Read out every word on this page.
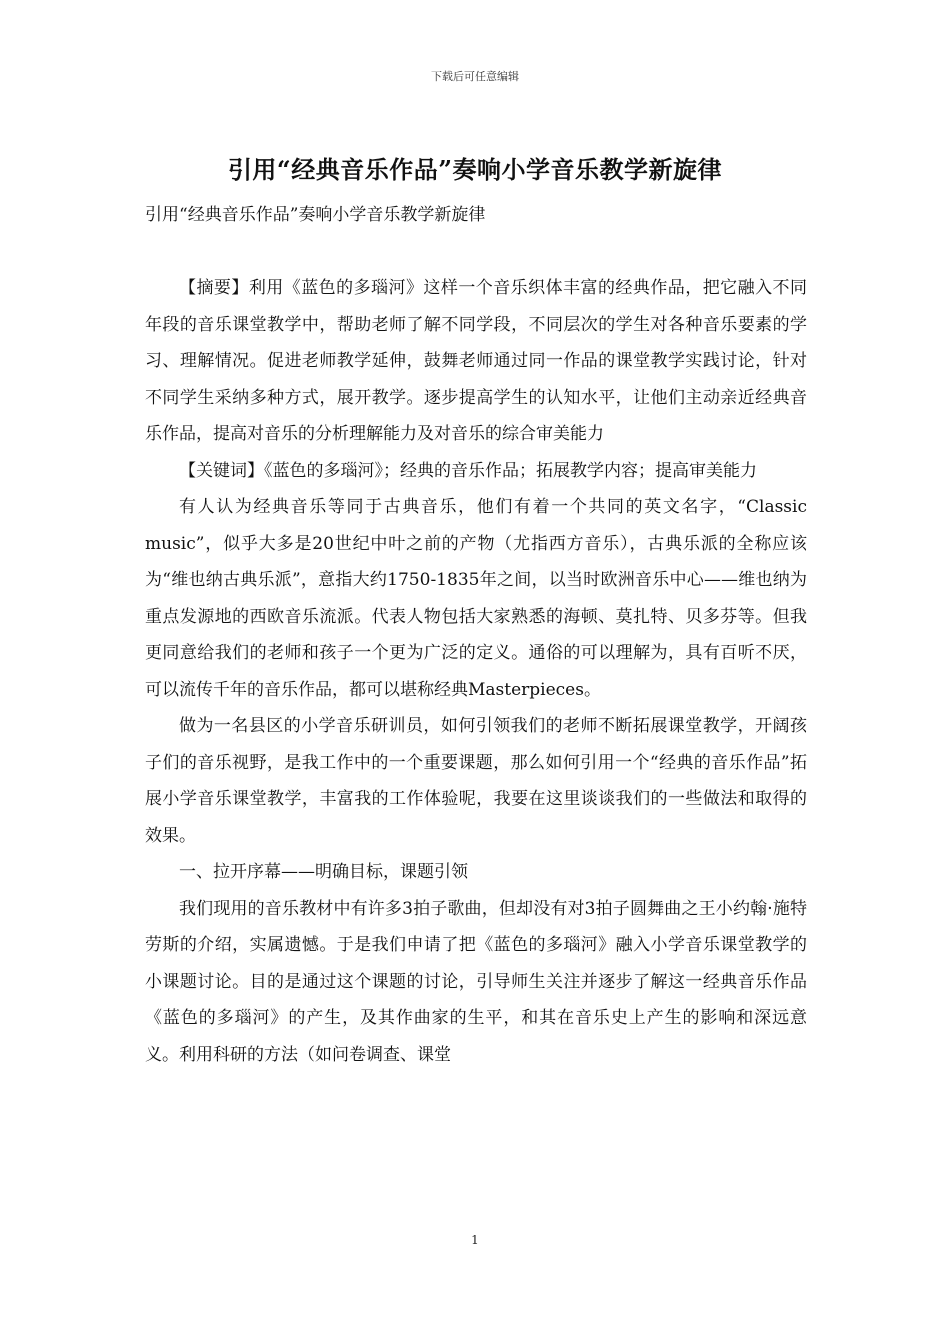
下载后可任意编辑
引用“经典音乐作品”奏响小学音乐教学新旋律

引用“经典音乐作品”奏响小学音乐教学新旋律

【摘要】利用《蓝色的多瑙河》这样一个音乐织体丰富的经典作品，把它融入不同年段的音乐课堂教学中，帮助老师了解不同学段，不同层次的学生对各种音乐要素的学习、理解情况。促进老师教学延伸，鼓舞老师通过同一作品的课堂教学实践讨论，针对不同学生采纳多种方式，展开教学。逐步提高学生的认知水平，让他们主动亲近经典音乐作品，提高对音乐的分析理解能力及对音乐的综合审美能力

【关键词】《蓝色的多瑙河》；经典的音乐作品；拓展教学内容；提高审美能力

有人认为经典音乐等同于古典音乐，他们有着一个共同的英文名字，“Classic music”，似乎大多是20世纪中叶之前的产物（尤指西方音乐），古典乐派的全称应该为“维也纳古典乐派”，意指大约1750-1835年之间，以当时欧洲音乐中心——维也纳为重点发源地的西欧音乐流派。代表人物包括大家熟悉的海顿、莫扎特、贝多芬等。但我更同意给我们的老师和孩子一个更为广泛的定义。通俗的可以理解为，具有百听不厌，可以流传千年的音乐作品，都可以堪称经典Masterpieces。

做为一名县区的小学音乐研训员，如何引领我们的老师不断拓展课堂教学，开阔孩子们的音乐视野，是我工作中的一个重要课题，那么如何引用一个“经典的音乐作品”拓展小学音乐课堂教学，丰富我的工作体验呢，我要在这里谈谈我们的一些做法和取得的效果。

一、拉开序幕——明确目标，课题引领

我们现用的音乐教材中有许多3拍子歌曲，但却没有对3拍子圆舞曲之王小约翰·施特劳斯的介绍，实属遗憾。于是我们申请了把《蓝色的多瑙河》融入小学音乐课堂教学的小课题讨论。目的是通过这个课题的讨论，引导师生关注并逐步了解这一经典音乐作品《蓝色的多瑙河》的产生，及其作曲家的生平，和其在音乐史上产生的影响和深远意义。利用科研的方法（如问卷调查、课堂

1
